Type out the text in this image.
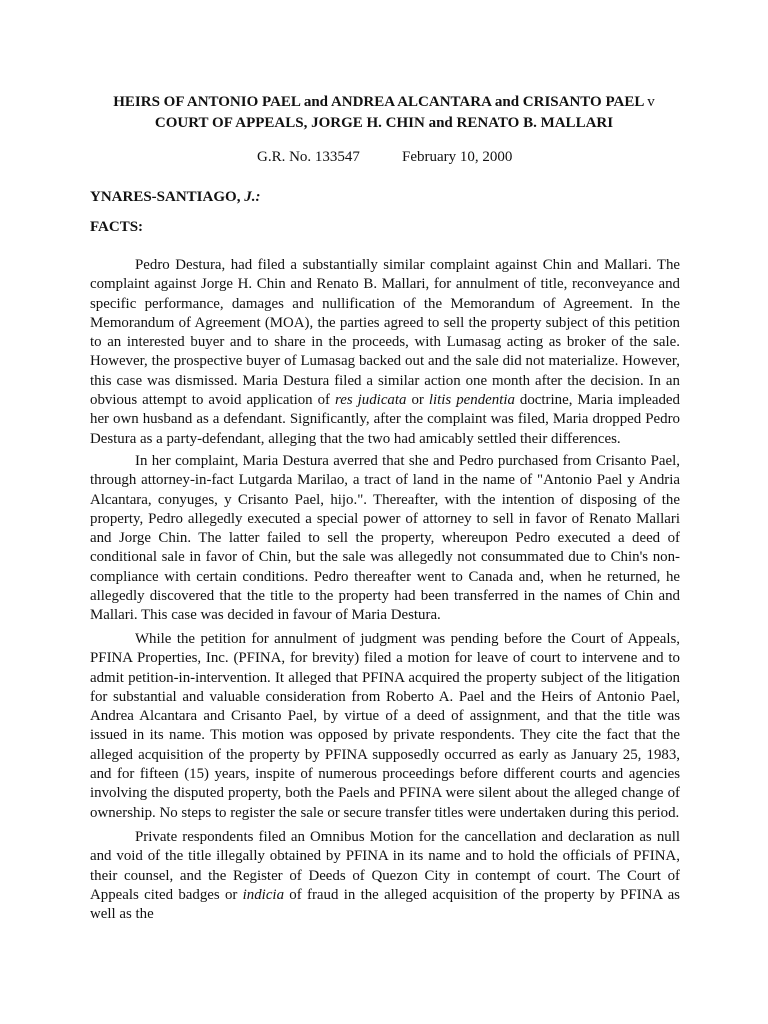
HEIRS OF ANTONIO PAEL and ANDREA ALCANTARA and CRISANTO PAEL v
COURT OF APPEALS, JORGE H. CHIN and RENATO B. MALLARI
G.R. No. 133547	February 10, 2000
YNARES-SANTIAGO, J.:
FACTS:

Pedro Destura, had filed a substantially similar complaint against Chin and Mallari. The complaint against Jorge H. Chin and Renato B. Mallari, for annulment of title, reconveyance and specific performance, damages and nullification of the Memorandum of Agreement. In the Memorandum of Agreement (MOA), the parties agreed to sell the property subject of this petition to an interested buyer and to share in the proceeds, with Lumasag acting as broker of the sale. However, the prospective buyer of Lumasag backed out and the sale did not materialize. However, this case was dismissed. Maria Destura filed a similar action one month after the decision. In an obvious attempt to avoid application of res judicata or litis pendentia doctrine, Maria impleaded her own husband as a defendant. Significantly, after the complaint was filed, Maria dropped Pedro Destura as a party-defendant, alleging that the two had amicably settled their differences.

In her complaint, Maria Destura averred that she and Pedro purchased from Crisanto Pael, through attorney-in-fact Lutgarda Marilao, a tract of land in the name of "Antonio Pael y Andria Alcantara, conyuges, y Crisanto Pael, hijo.". Thereafter, with the intention of disposing of the property, Pedro allegedly executed a special power of attorney to sell in favor of Renato Mallari and Jorge Chin. The latter failed to sell the property, whereupon Pedro executed a deed of conditional sale in favor of Chin, but the sale was allegedly not consummated due to Chin's non-compliance with certain conditions. Pedro thereafter went to Canada and, when he returned, he allegedly discovered that the title to the property had been transferred in the names of Chin and Mallari. This case was decided in favour of Maria Destura.

While the petition for annulment of judgment was pending before the Court of Appeals, PFINA Properties, Inc. (PFINA, for brevity) filed a motion for leave of court to intervene and to admit petition-in-intervention. It alleged that PFINA acquired the property subject of the litigation for substantial and valuable consideration from Roberto A. Pael and the Heirs of Antonio Pael, Andrea Alcantara and Crisanto Pael, by virtue of a deed of assignment, and that the title was issued in its name. This motion was opposed by private respondents. They cite the fact that the alleged acquisition of the property by PFINA supposedly occurred as early as January 25, 1983, and for fifteen (15) years, inspite of numerous proceedings before different courts and agencies involving the disputed property, both the Paels and PFINA were silent about the alleged change of ownership. No steps to register the sale or secure transfer titles were undertaken during this period.

Private respondents filed an Omnibus Motion for the cancellation and declaration as null and void of the title illegally obtained by PFINA in its name and to hold the officials of PFINA, their counsel, and the Register of Deeds of Quezon City in contempt of court. The Court of Appeals cited badges or indicia of fraud in the alleged acquisition of the property by PFINA as well as the
